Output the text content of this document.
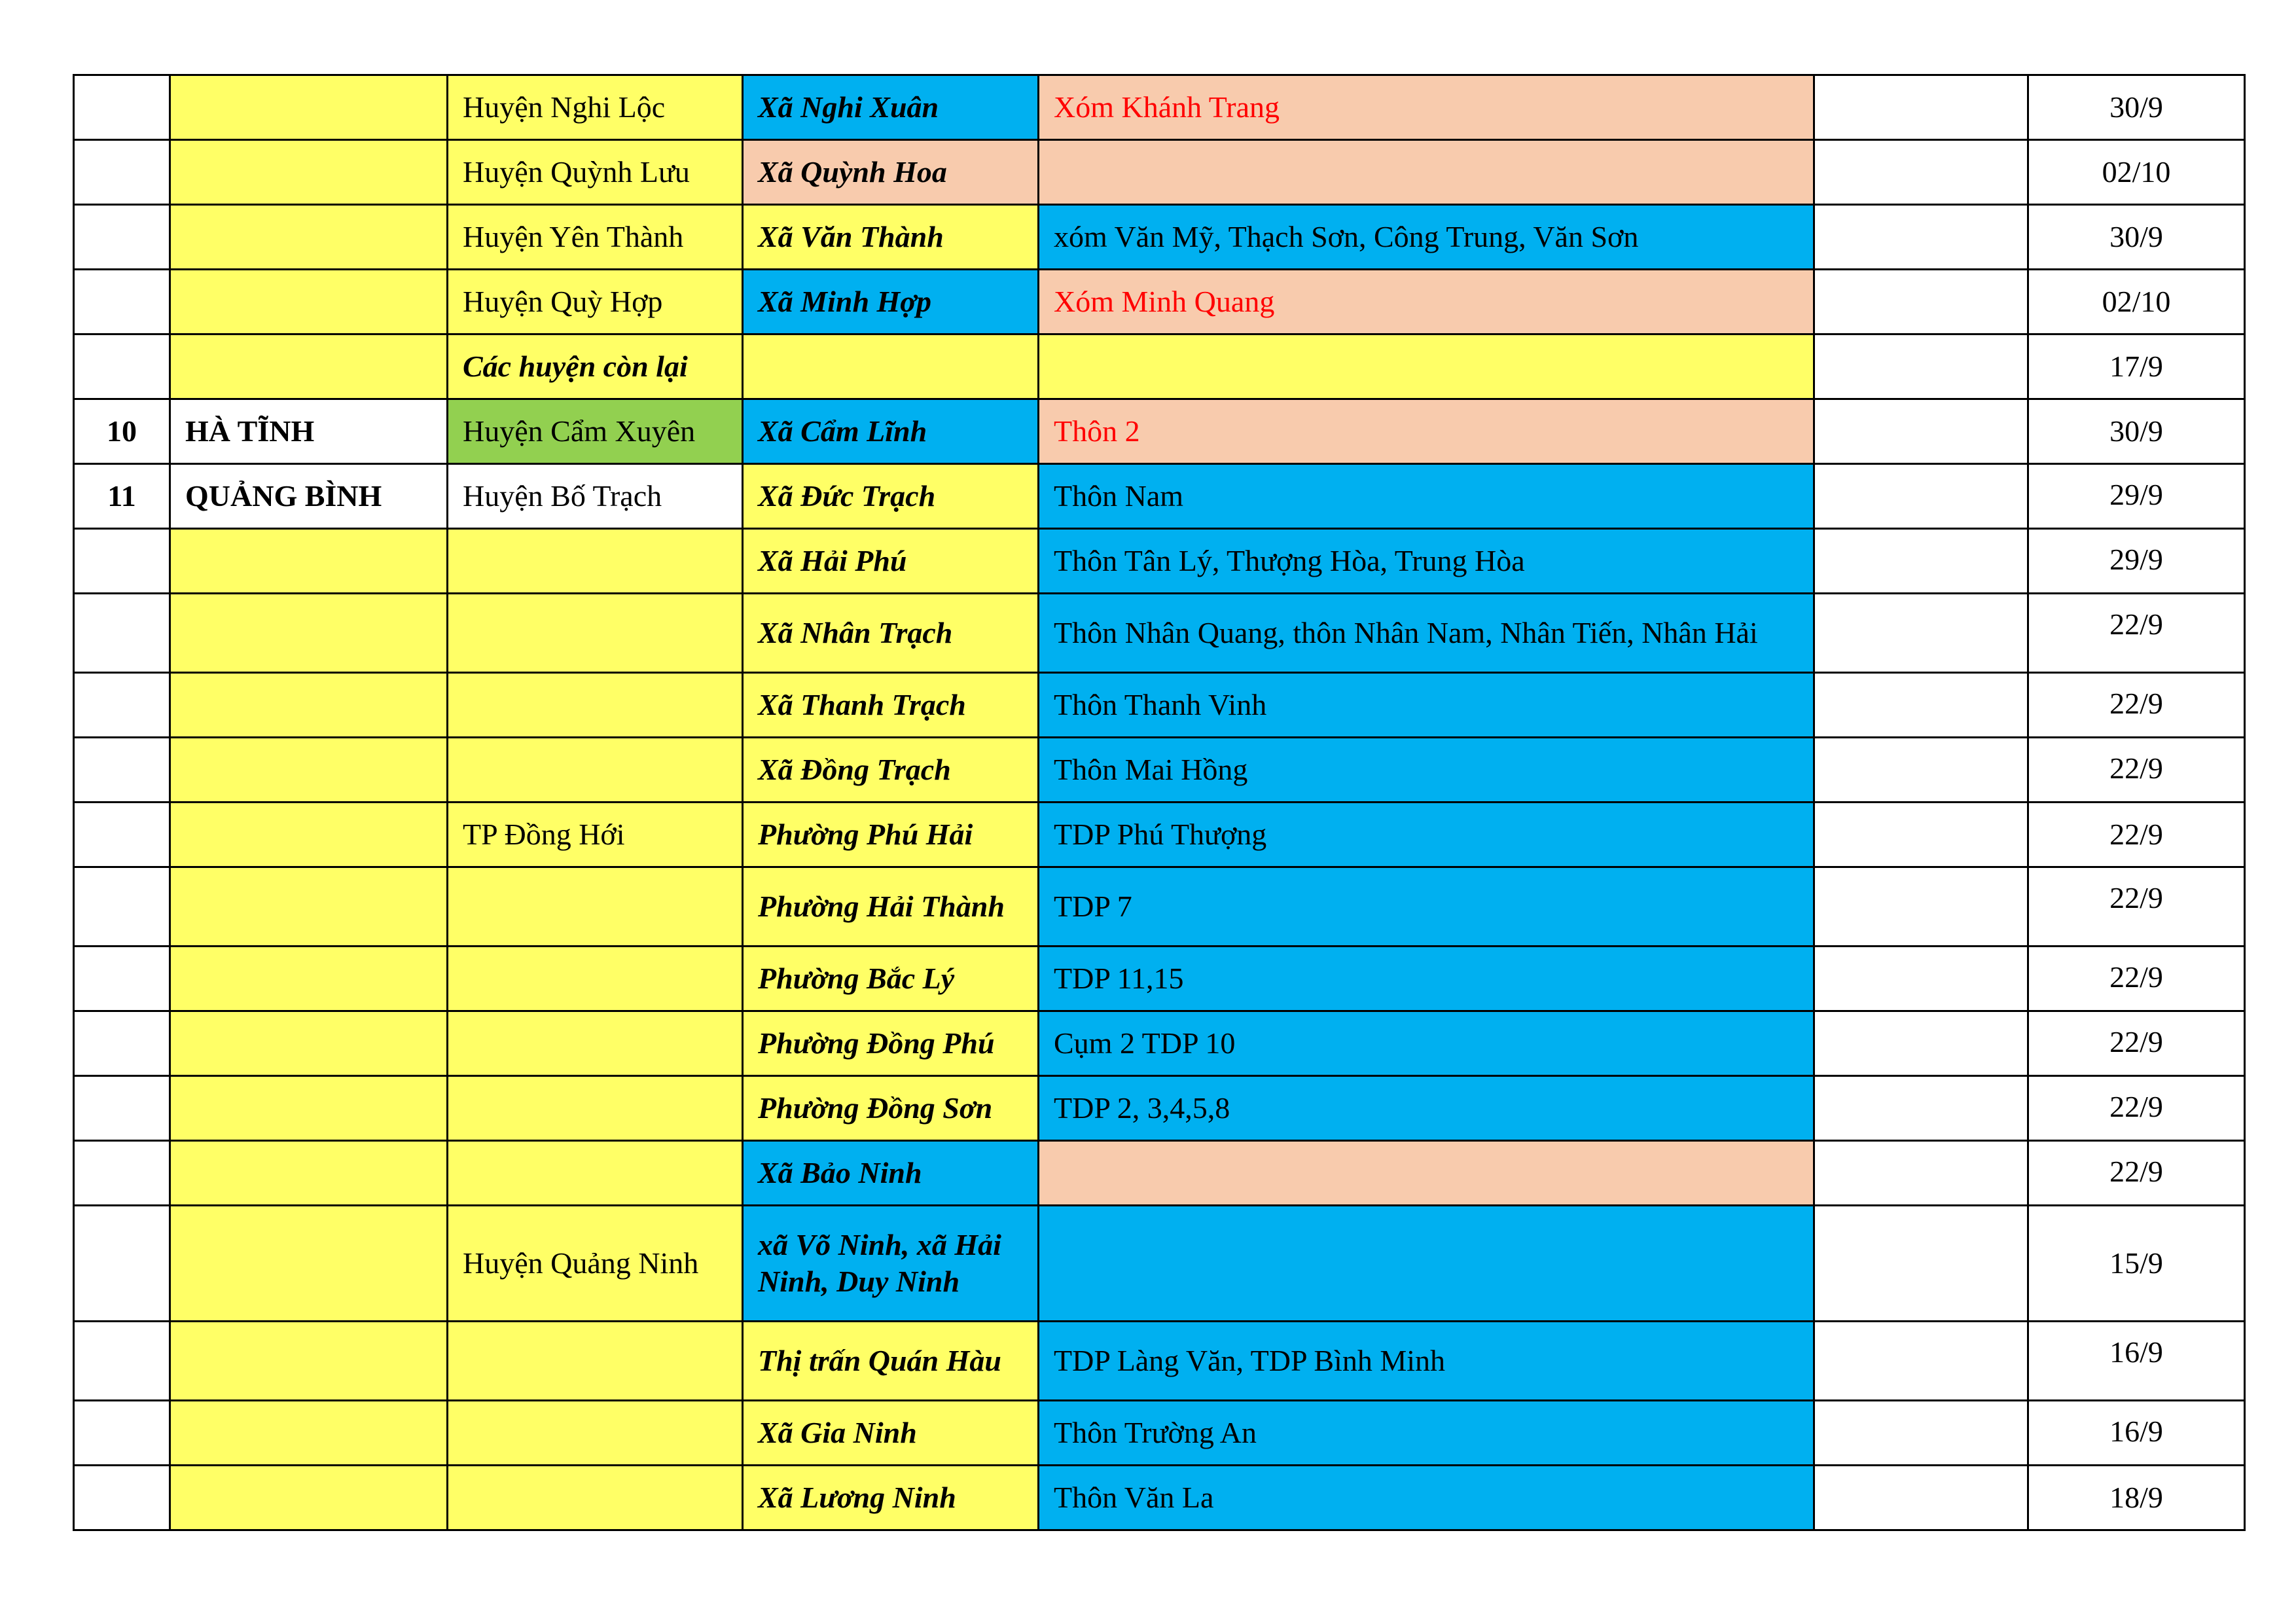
		Huyện Nghi Lộc	Xã Nghi Xuân	Xóm Khánh Trang		30/9
		Huyện Quỳnh Lưu	Xã Quỳnh Hoa			02/10
		Huyện Yên Thành	Xã Văn Thành	xóm Văn Mỹ, Thạch Sơn, Công Trung, Văn Sơn		30/9
		Huyện Quỳ Hợp	Xã Minh Hợp	Xóm Minh Quang		02/10
		Các huyện còn lại				17/9
10	HÀ TĨNH	Huyện Cẩm Xuyên	Xã Cẩm Lĩnh	Thôn 2		30/9
11	QUẢNG BÌNH	Huyện Bố Trạch	Xã Đức Trạch	Thôn Nam		29/9
			Xã Hải Phú	Thôn Tân Lý, Thượng Hòa, Trung Hòa		29/9
			Xã Nhân Trạch	Thôn Nhân Quang, thôn Nhân Nam, Nhân Tiến, Nhân Hải		22/9
			Xã Thanh Trạch	Thôn Thanh Vinh		22/9
			Xã Đồng Trạch	Thôn Mai Hồng		22/9
		TP Đồng Hới	Phường Phú Hải	TDP Phú Thượng		22/9
			Phường Hải Thành	TDP 7		22/9
			Phường Bắc Lý	TDP 11,15		22/9
			Phường Đồng Phú	Cụm 2 TDP 10		22/9
			Phường Đồng Sơn	TDP 2, 3,4,5,8		22/9
			Xã Bảo Ninh			22/9
		Huyện Quảng Ninh	xã Võ Ninh, xã Hải Ninh, Duy Ninh			15/9
			Thị trấn Quán Hàu	TDP Làng Văn, TDP Bình Minh		16/9
			Xã Gia Ninh	Thôn Trường An		16/9
			Xã Lương Ninh	Thôn Văn La		18/9
